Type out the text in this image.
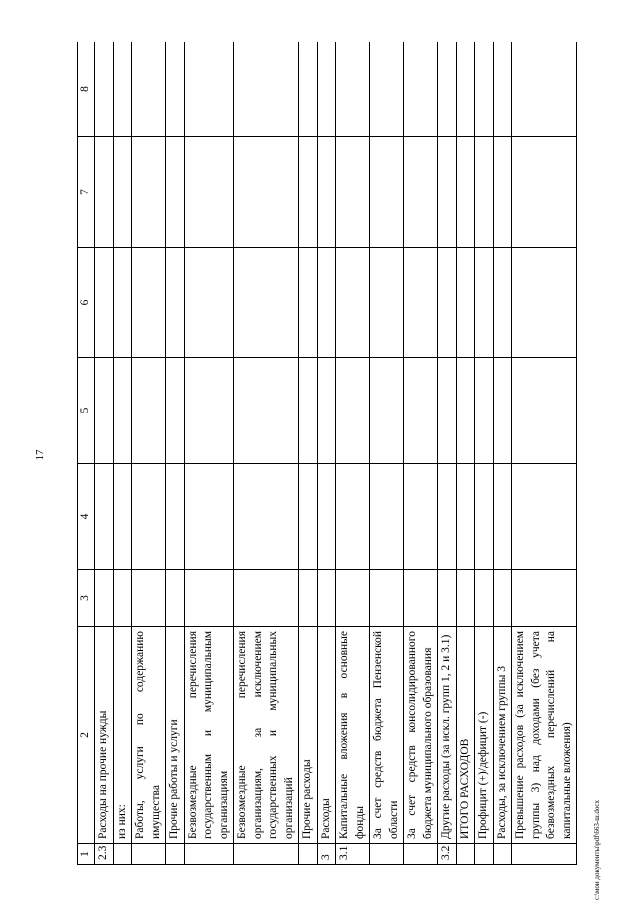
17
1	2	3	4	5	6	7	8
2.3	Расходы на прочие нужды						
	из них:						
	Работы, услуги по содержанию имущества						
	Прочие работы и услуги						
	Безвозмездные перечисления государственным и муниципальным организациям						
	Безвозмездные перечисления организациям, за исключением государственных и муниципальных организаций						
	Прочие расходы						
3	Расходы						
3.1	Капитальные вложения в основные фонды						
	За счет средств бюджета Пензенской области						
	За счет средств консолидированного бюджета муниципального образования						
3.2	Другие расходы (за искл. групп 1, 2 и 3.1)						
	ИТОГО РАСХОДОВ						
	Профицит (+)/дефицит (-)						
	Расходы, за исключением группы 3						
	Превышение расходов (за исключением группы 3) над доходами (без учета безвозмездных перечислений на капитальные вложения)						
c:\мои документы\pdf\663-ш.docx
